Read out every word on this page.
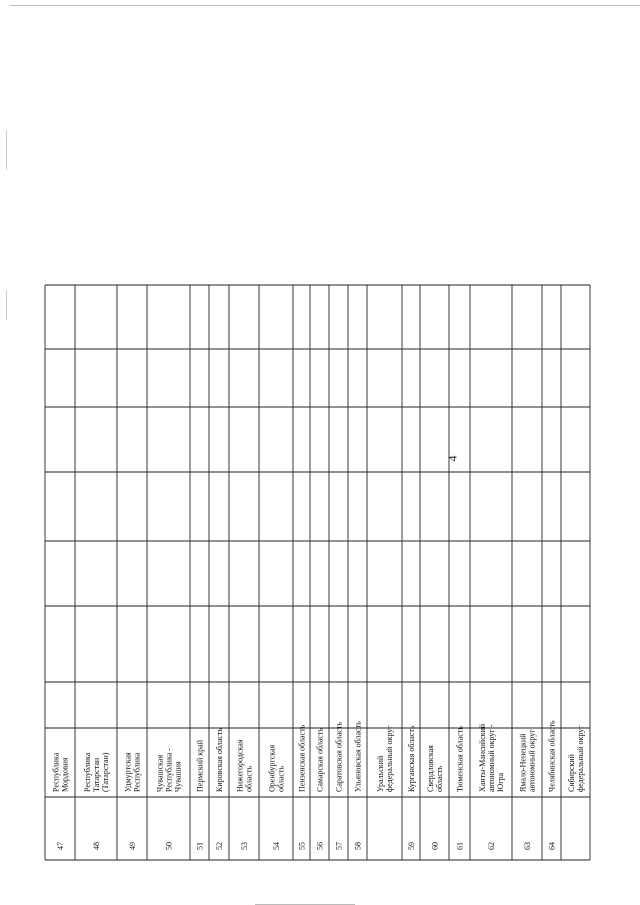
4
47
Республика Мордовия
48
Республика Татарстан (Татарстан)
49
Удмуртская Республика
50
Чувашская Республика - Чувашия
51
Пермский край
52
Кировская область
53
Нижегородская область
54
Оренбургская область
55
Пензенская область
56
Самарская область
57
Саратовская область
58
Ульяновская область Уральский федеральный округ
59
Курганская область
60
Свердловская область
61
Тюменская область
62
Ханты-Мансийский автономный округ - Югра
63
Ямало-Ненецкий автономный округ
64
Челябинская область Сибирский федеральный округ
